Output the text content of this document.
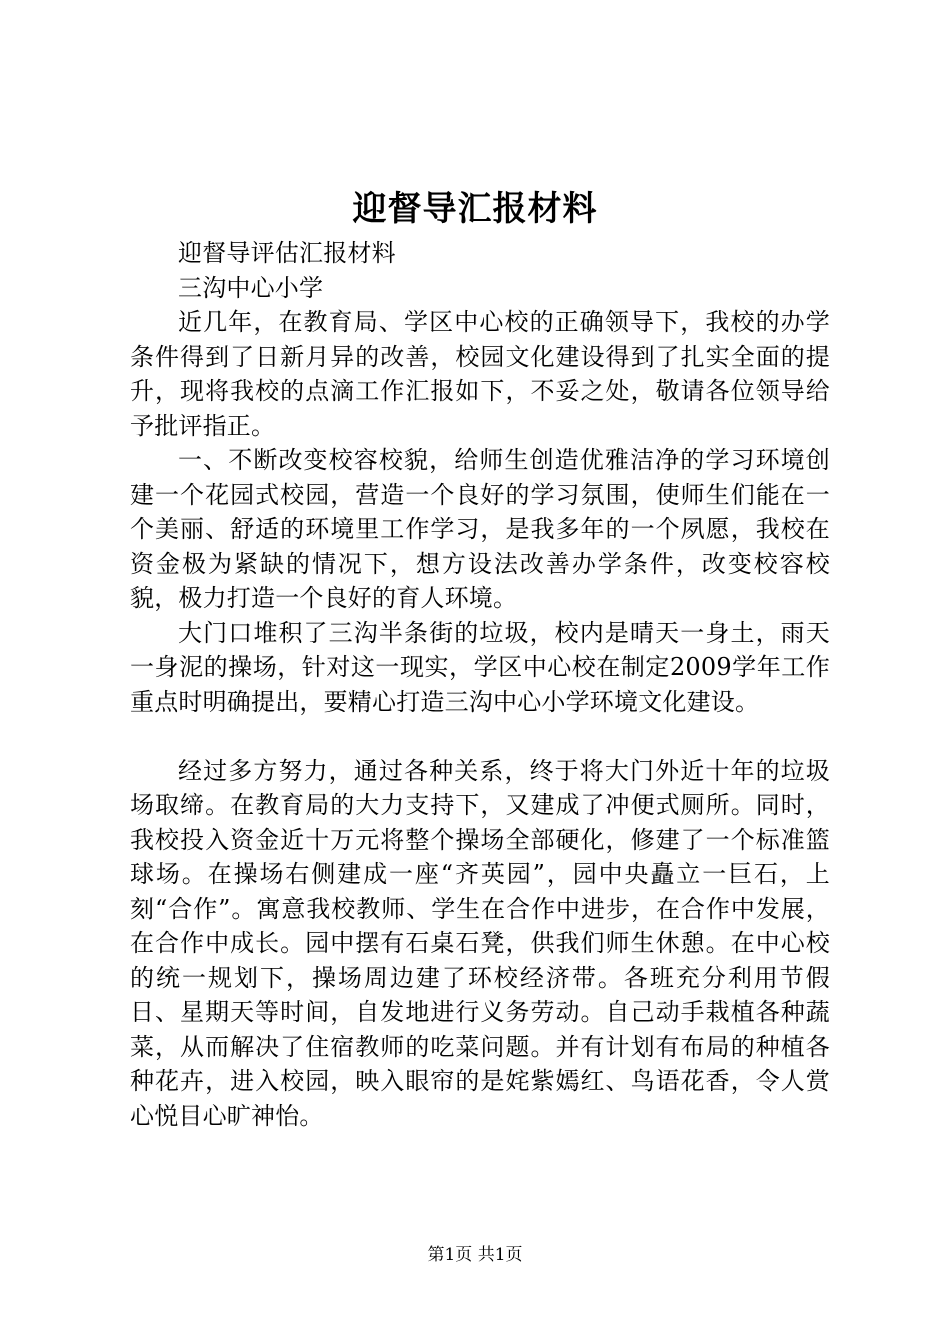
迎督导汇报材料

迎督导评估汇报材料

三沟中心小学

近几年，在教育局、学区中心校的正确领导下，我校的办学条件得到了日新月异的改善，校园文化建设得到了扎实全面的提升，现将我校的点滴工作汇报如下，不妥之处，敬请各位领导给予批评指正。

一、不断改变校容校貌，给师生创造优雅洁净的学习环境创建一个花园式校园，营造一个良好的学习氛围，使师生们能在一个美丽、舒适的环境里工作学习，是我多年的一个夙愿，我校在资金极为紧缺的情况下，想方设法改善办学条件，改变校容校貌，极力打造一个良好的育人环境。

大门口堆积了三沟半条街的垃圾，校内是晴天一身土，雨天一身泥的操场，针对这一现实，学区中心校在制定2009学年工作重点时明确提出，要精心打造三沟中心小学环境文化建设。

经过多方努力，通过各种关系，终于将大门外近十年的垃圾场取缔。在教育局的大力支持下，又建成了冲便式厕所。同时，我校投入资金近十万元将整个操场全部硬化，修建了一个标准篮球场。在操场右侧建成一座“齐英园”，园中央矗立一巨石，上刻“合作”。寓意我校教师、学生在合作中进步，在合作中发展，在合作中成长。园中摆有石桌石凳，供我们师生休憩。在中心校的统一规划下，操场周边建了环校经济带。各班充分利用节假日、星期天等时间，自发地进行义务劳动。自己动手栽植各种蔬菜，从而解决了住宿教师的吃菜问题。并有计划有布局的种植各种花卉，进入校园，映入眼帘的是姹紫嫣红、鸟语花香，令人赏心悦目心旷神怡。

第1页 共1页
